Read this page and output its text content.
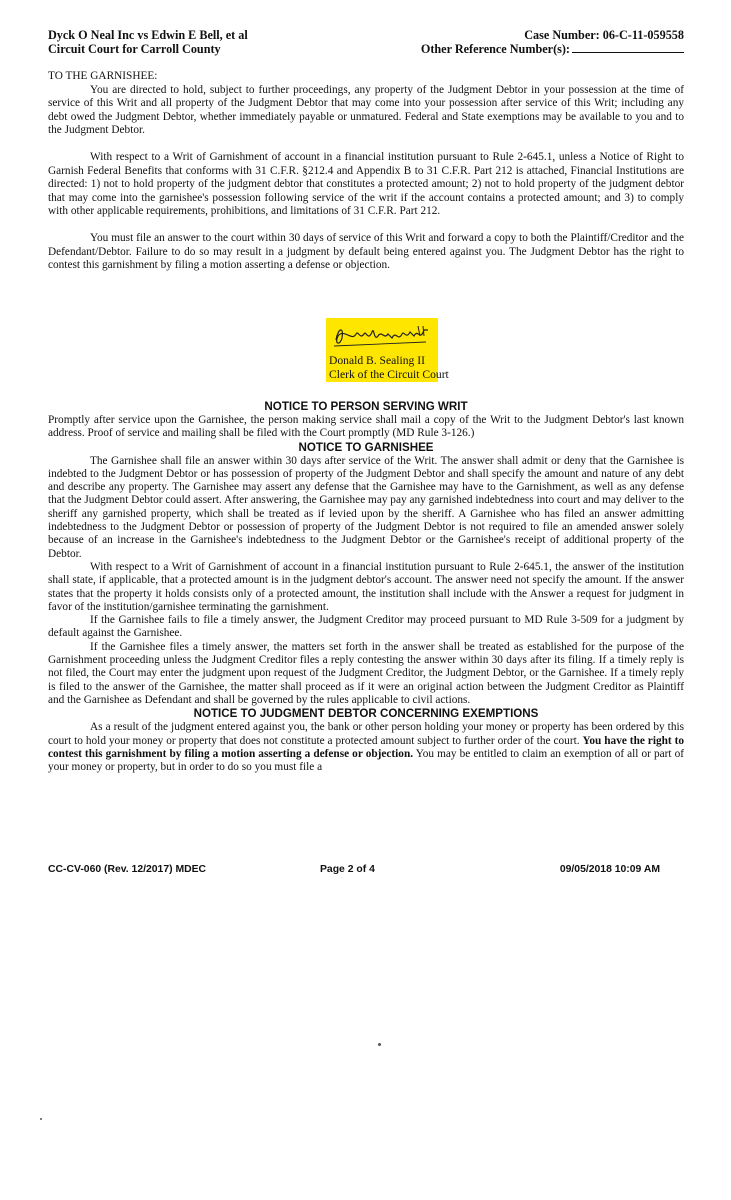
Dyck O Neal Inc vs Edwin E Bell, et al
Circuit Court for Carroll County
Case Number: 06-C-11-059558
Other Reference Number(s):

TO THE GARNISHEE:

You are directed to hold, subject to further proceedings, any property of the Judgment Debtor in your possession at the time of service of this Writ and all property of the Judgment Debtor that may come into your possession after service of this Writ; including any debt owed the Judgment Debtor, whether immediately payable or unmatured. Federal and State exemptions may be available to you and to the Judgment Debtor.

With respect to a Writ of Garnishment of account in a financial institution pursuant to Rule 2-645.1, unless a Notice of Right to Garnish Federal Benefits that conforms with 31 C.F.R. §212.4 and Appendix B to 31 C.F.R. Part 212 is attached, Financial Institutions are directed: 1) not to hold property of the judgment debtor that constitutes a protected amount; 2) not to hold property of the judgment debtor that may come into the garnishee's possession following service of the writ if the account contains a protected amount; and 3) to comply with other applicable requirements, prohibitions, and limitations of 31 C.F.R. Part 212.

You must file an answer to the court within 30 days of service of this Writ and forward a copy to both the Plaintiff/Creditor and the Defendant/Debtor. Failure to do so may result in a judgment by default being entered against you. The Judgment Debtor has the right to contest this garnishment by filing a motion asserting a defense or objection.

Donald B. Sealing II
Clerk of the Circuit Court

NOTICE TO PERSON SERVING WRIT

Promptly after service upon the Garnishee, the person making service shall mail a copy of the Writ to the Judgment Debtor's last known address. Proof of service and mailing shall be filed with the Court promptly (MD Rule 3-126.)

NOTICE TO GARNISHEE

The Garnishee shall file an answer within 30 days after service of the Writ. The answer shall admit or deny that the Garnishee is indebted to the Judgment Debtor or has possession of property of the Judgment Debtor and shall specify the amount and nature of any debt and describe any property. The Garnishee may assert any defense that the Garnishee may have to the Garnishment, as well as any defense that the Judgment Debtor could assert. After answering, the Garnishee may pay any garnished indebtedness into court and may deliver to the sheriff any garnished property, which shall be treated as if levied upon by the sheriff. A Garnishee who has filed an answer admitting indebtedness to the Judgment Debtor or possession of property of the Judgment Debtor is not required to file an amended answer solely because of an increase in the Garnishee's indebtedness to the Judgment Debtor or the Garnishee's receipt of additional property of the Debtor.

With respect to a Writ of Garnishment of account in a financial institution pursuant to Rule 2-645.1, the answer of the institution shall state, if applicable, that a protected amount is in the judgment debtor's account. The answer need not specify the amount. If the answer states that the property it holds consists only of a protected amount, the institution shall include with the Answer a request for judgment in favor of the institution/garnishee terminating the garnishment.

If the Garnishee fails to file a timely answer, the Judgment Creditor may proceed pursuant to MD Rule 3-509 for a judgment by default against the Garnishee.

If the Garnishee files a timely answer, the matters set forth in the answer shall be treated as established for the purpose of the Garnishment proceeding unless the Judgment Creditor files a reply contesting the answer within 30 days after its filing. If a timely reply is not filed, the Court may enter the judgment upon request of the Judgment Creditor, the Judgment Debtor, or the Garnishee. If a timely reply is filed to the answer of the Garnishee, the matter shall proceed as if it were an original action between the Judgment Creditor as Plaintiff and the Garnishee as Defendant and shall be governed by the rules applicable to civil actions.

NOTICE TO JUDGMENT DEBTOR CONCERNING EXEMPTIONS

As a result of the judgment entered against you, the bank or other person holding your money or property has been ordered by this court to hold your money or property that does not constitute a protected amount subject to further order of the court. You have the right to contest this garnishment by filing a motion asserting a defense or objection. You may be entitled to claim an exemption of all or part of your money or property, but in order to do so you must file a

CC-CV-060 (Rev. 12/2017) MDEC	Page 2 of 4	09/05/2018 10:09 AM
